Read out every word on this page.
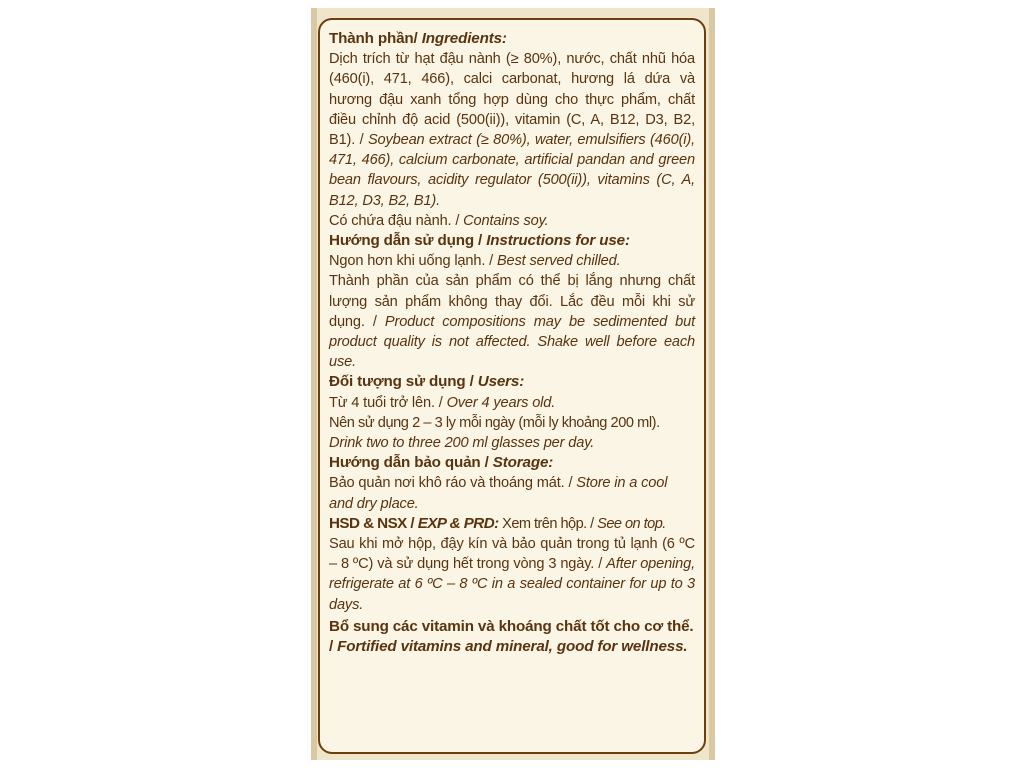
Thành phần/ Ingredients:

Dịch trích từ hạt đậu nành (≥ 80%), nước, chất nhũ hóa (460(i), 471, 466), calci carbonat, hương lá dứa và hương đậu xanh tổng hợp dùng cho thực phẩm, chất điều chỉnh độ acid (500(ii)), vitamin (C, A, B12, D3, B2, B1). / Soybean extract (≥ 80%), water, emulsifiers (460(i), 471, 466), calcium carbonate, artificial pandan and green bean flavours, acidity regulator (500(ii)), vitamins (C, A, B12, D3, B2, B1).

Có chứa đậu nành. / Contains soy.

Hướng dẫn sử dụng / Instructions for use:

Ngon hơn khi uống lạnh. / Best served chilled.

Thành phần của sản phẩm có thể bị lắng nhưng chất lượng sản phẩm không thay đổi. Lắc đều mỗi khi sử dụng. / Product compositions may be sedimented but product quality is not affected. Shake well before each use.

Đối tượng sử dụng / Users:

Từ 4 tuổi trở lên. / Over 4 years old.

Nên sử dụng 2 – 3 ly mỗi ngày (mỗi ly khoảng 200 ml).

Drink two to three 200 ml glasses per day.

Hướng dẫn bảo quản / Storage:

Bảo quản nơi khô ráo và thoáng mát. / Store in a cool and dry place.

HSD & NSX / EXP & PRD: Xem trên hộp. / See on top.

Sau khi mở hộp, đậy kín và bảo quản trong tủ lạnh (6 ºC – 8 ºC) và sử dụng hết trong vòng 3 ngày. / After opening, refrigerate at 6 ºC – 8 ºC in a sealed container for up to 3 days.

Bổ sung các vitamin và khoáng chất tốt cho cơ thể. / Fortified vitamins and mineral, good for wellness.
